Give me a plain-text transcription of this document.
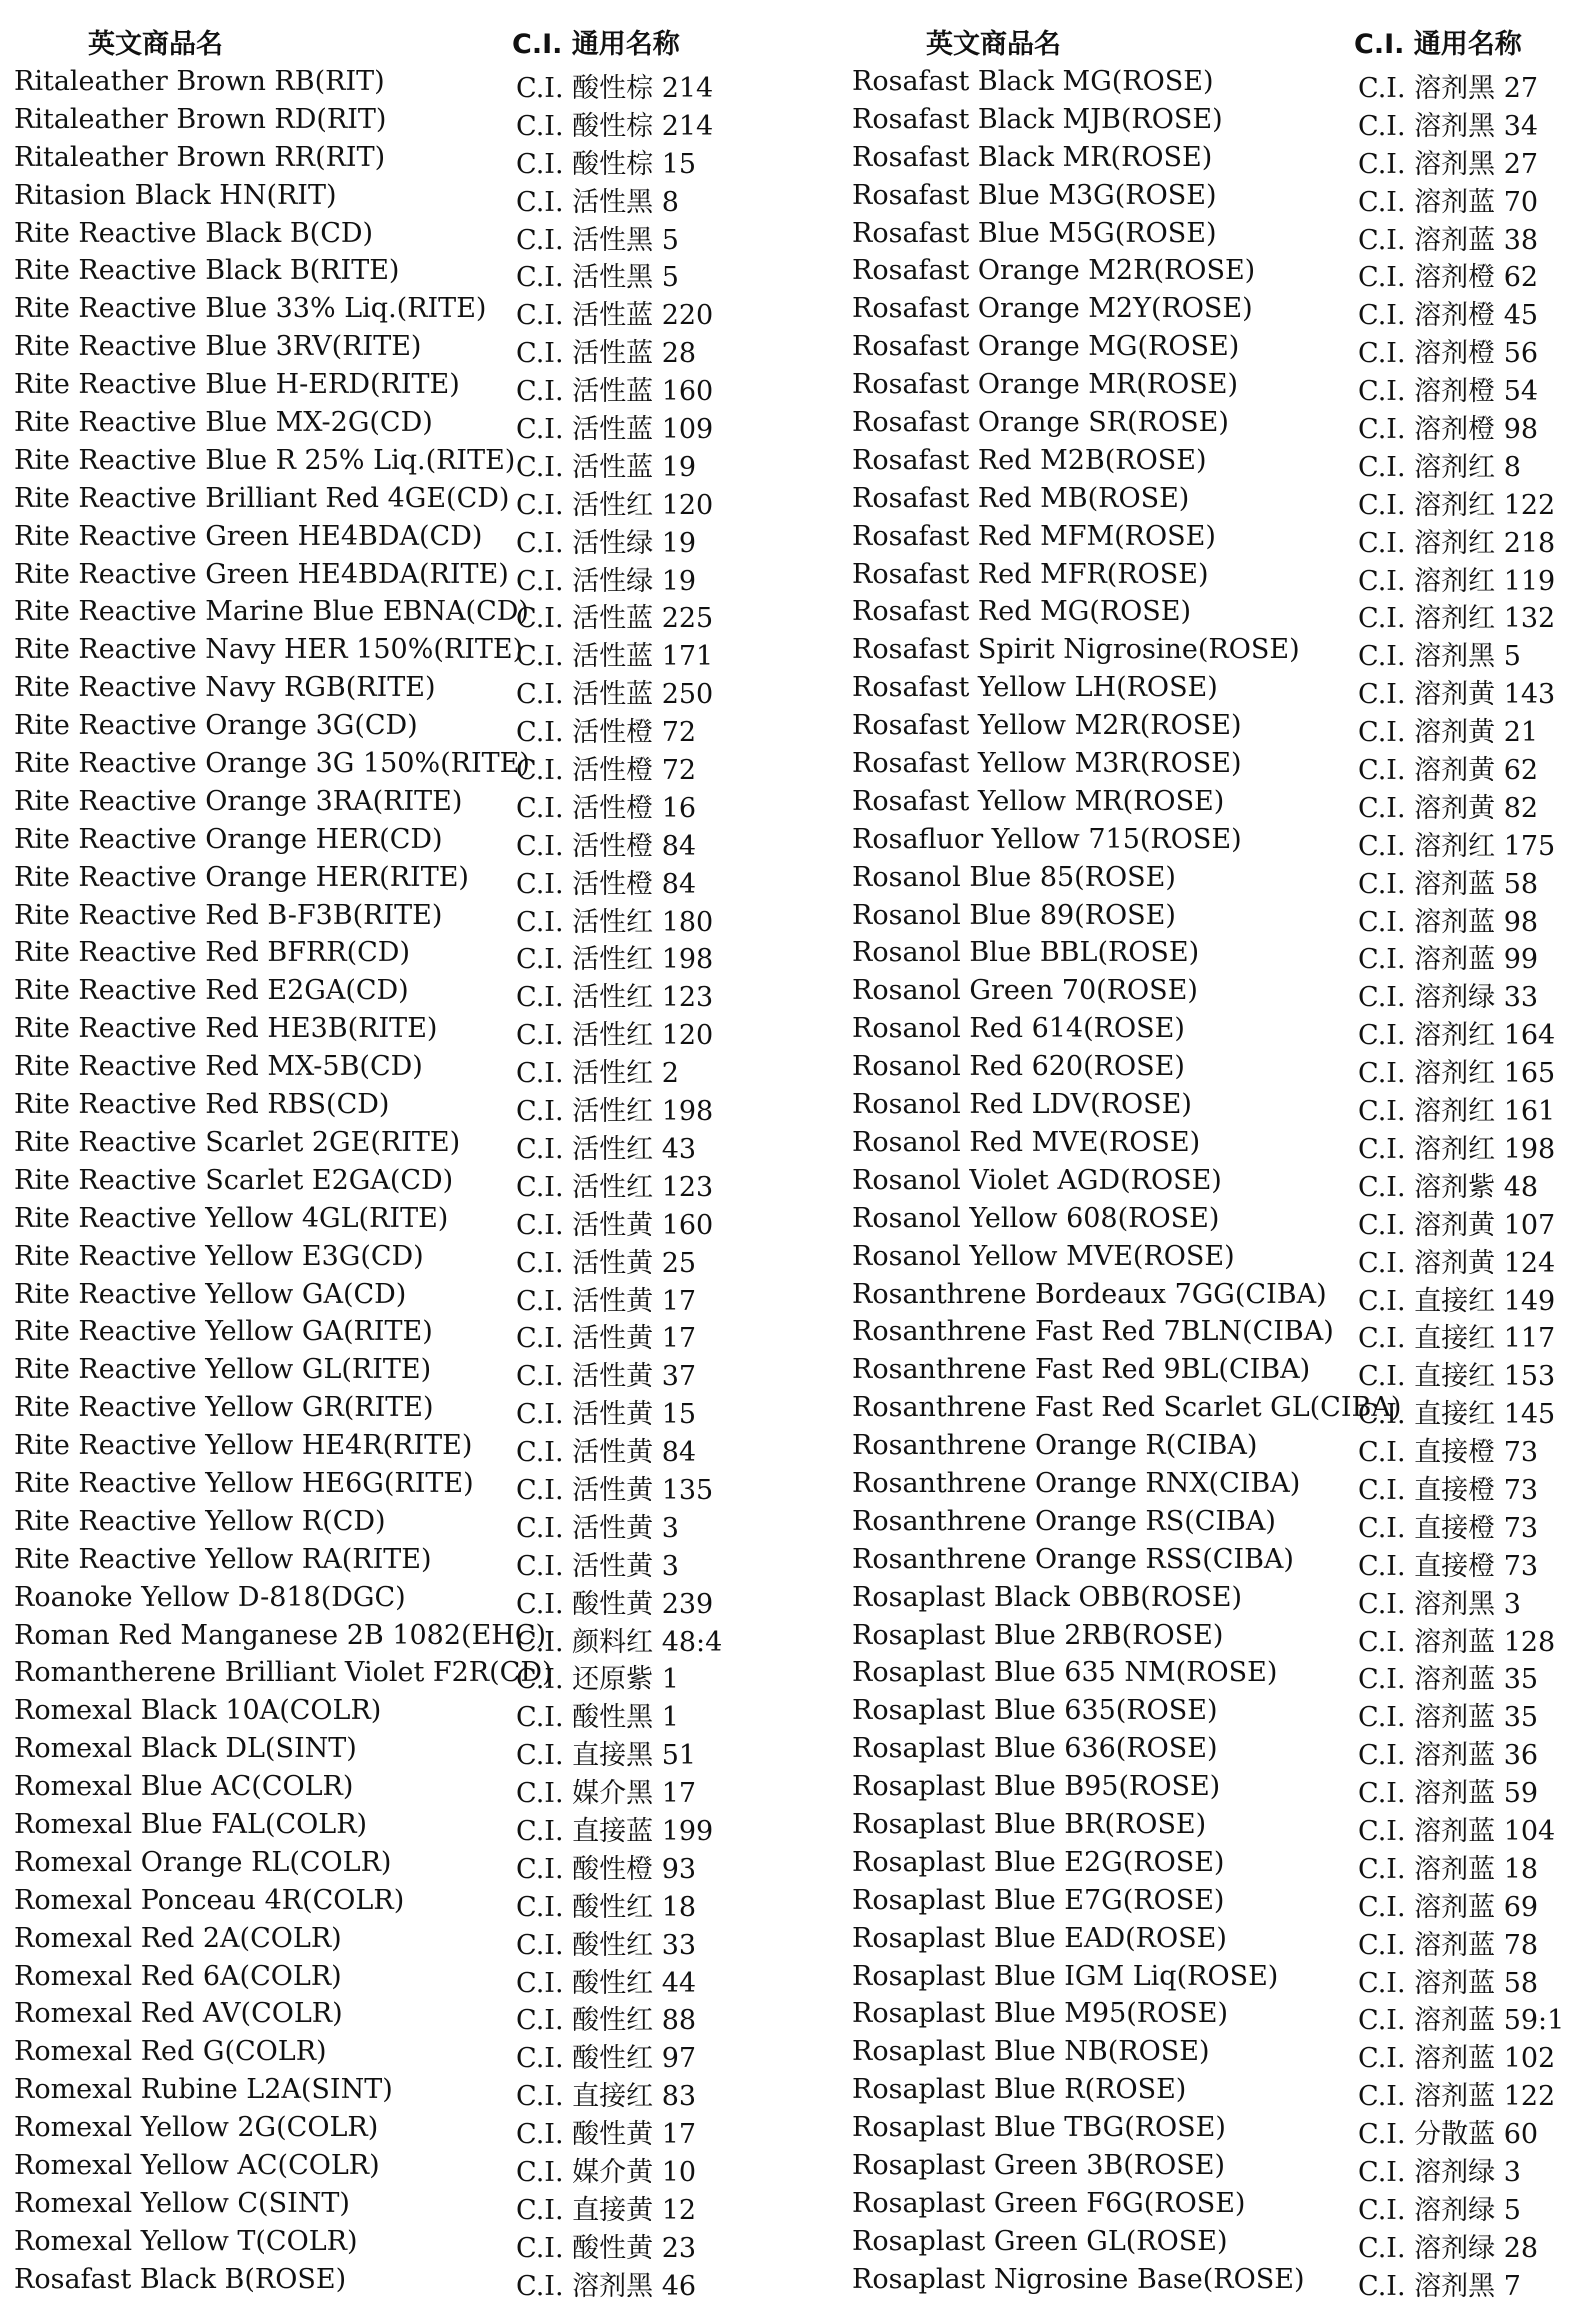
英文商品名	C.I. 通用名称
Ritaleather Brown RB(RIT)	C.I. 酸性棕 214
Ritaleather Brown RD(RIT)	C.I. 酸性棕 214
Ritaleather Brown RR(RIT)	C.I. 酸性棕 15
Ritasion Black HN(RIT)	C.I. 活性黑 8
Rite Reactive Black B(CD)	C.I. 活性黑 5
Rite Reactive Black B(RITE)	C.I. 活性黑 5
Rite Reactive Blue 33% Liq.(RITE) C.I. 活性蓝 220
Rite Reactive Blue 3RV(RITE)	C.I. 活性蓝 28
Rite Reactive Blue H-ERD(RITE) C.I. 活性蓝 160
Rite Reactive Blue MX-2G(CD)	C.I. 活性蓝 109
Rite Reactive Blue R 25% Liq.(RITE) C.I. 活性蓝 19
Rite Reactive Brilliant Red 4GE(CD) C.I. 活性红 120
Rite Reactive Green HE4BDA(CD) C.I. 活性绿 19
Rite Reactive Green HE4BDA(RITE) C.I. 活性绿 19
Rite Reactive Marine Blue EBNA(CD)
C.I. 活性蓝 225
Rite Reactive Navy HER 150%(RITE)
C.I. 活性蓝 171
Rite Reactive Navy RGB(RITE)	C.I. 活性蓝 250
Rite Reactive Orange 3G(CD)	C.I. 活性橙 72
Rite Reactive Orange 3G 150%(RITE)
C.I. 活性橙 72
Rite Reactive Orange 3RA(RITE) C.I. 活性橙 16
Rite Reactive Orange HER(CD)	C.I. 活性橙 84
Rite Reactive Orange HER(RITE) C.I. 活性橙 84
Rite Reactive Red B-F3B(RITE)	C.I. 活性红 180
Rite Reactive Red BFRR(CD)	C.I. 活性红 198
Rite Reactive Red E2GA(CD)	C.I. 活性红 123
Rite Reactive Red HE3B(RITE)	C.I. 活性红 120
Rite Reactive Red MX-5B(CD)	C.I. 活性红 2
Rite Reactive Red RBS(CD)	C.I. 活性红 198
Rite Reactive Scarlet 2GE(RITE) C.I. 活性红 43
Rite Reactive Scarlet E2GA(CD) C.I. 活性红 123
Rite Reactive Yellow 4GL(RITE)	C.I. 活性黄 160
Rite Reactive Yellow E3G(CD)	C.I. 活性黄 25
Rite Reactive Yellow GA(CD)	C.I. 活性黄 17
Rite Reactive Yellow GA(RITE)	C.I. 活性黄 17
Rite Reactive Yellow GL(RITE)	C.I. 活性黄 37
Rite Reactive Yellow GR(RITE)	C.I. 活性黄 15
Rite Reactive Yellow HE4R(RITE) C.I. 活性黄 84
Rite Reactive Yellow HE6G(RITE) C.I. 活性黄 135
Rite Reactive Yellow R(CD)	C.I. 活性黄 3
Rite Reactive Yellow RA(RITE)	C.I. 活性黄 3
Roanoke Yellow D-818(DGC)	C.I. 酸性黄 239
Roman Red Manganese 2B 1082(EHC)
C.I. 颜料红 48:4
Romantherene Brilliant Violet F2R(CD)
C.I. 还原紫 1
Romexal Black 10A(COLR)	C.I. 酸性黑 1
Romexal Black DL(SINT)	C.I. 直接黑 51
Romexal Blue AC(COLR)	C.I. 媒介黑 17
Romexal Blue FAL(COLR)	C.I. 直接蓝 199
Romexal Orange RL(COLR)	C.I. 酸性橙 93
Romexal Ponceau 4R(COLR)	C.I. 酸性红 18
Romexal Red 2A(COLR)	C.I. 酸性红 33
Romexal Red 6A(COLR)	C.I. 酸性红 44
Romexal Red AV(COLR)	C.I. 酸性红 88
Romexal Red G(COLR)	C.I. 酸性红 97
Romexal Rubine L2A(SINT)	C.I. 直接红 83
Romexal Yellow 2G(COLR)	C.I. 酸性黄 17
Romexal Yellow AC(COLR)	C.I. 媒介黄 10
Romexal Yellow C(SINT)	C.I. 直接黄 12
Romexal Yellow T(COLR)	C.I. 酸性黄 23
Rosafast Black B(ROSE)	C.I. 溶剂黑 46
英文商品名	C.I. 通用名称
Rosafast Black MG(ROSE)	C.I. 溶剂黑 27
Rosafast Black MJB(ROSE)	C.I. 溶剂黑 34
Rosafast Black MR(ROSE)	C.I. 溶剂黑 27
Rosafast Blue M3G(ROSE)	C.I. 溶剂蓝 70
Rosafast Blue M5G(ROSE)	C.I. 溶剂蓝 38
Rosafast Orange M2R(ROSE)	C.I. 溶剂橙 62
Rosafast Orange M2Y(ROSE)	C.I. 溶剂橙 45
Rosafast Orange MG(ROSE)	C.I. 溶剂橙 56
Rosafast Orange MR(ROSE)	C.I. 溶剂橙 54
Rosafast Orange SR(ROSE)	C.I. 溶剂橙 98
Rosafast Red M2B(ROSE)	C.I. 溶剂红 8
Rosafast Red MB(ROSE)	C.I. 溶剂红 122
Rosafast Red MFM(ROSE)	C.I. 溶剂红 218
Rosafast Red MFR(ROSE)	C.I. 溶剂红 119
Rosafast Red MG(ROSE)	C.I. 溶剂红 132
Rosafast Spirit Nigrosine(ROSE) C.I. 溶剂黑 5
Rosafast Yellow LH(ROSE)	C.I. 溶剂黄 143
Rosafast Yellow M2R(ROSE)	C.I. 溶剂黄 21
Rosafast Yellow M3R(ROSE)	C.I. 溶剂黄 62
Rosafast Yellow MR(ROSE)	C.I. 溶剂黄 82
Rosafluor Yellow 715(ROSE)	C.I. 溶剂红 175
Rosanol Blue 85(ROSE)	C.I. 溶剂蓝 58
Rosanol Blue 89(ROSE)	C.I. 溶剂蓝 98
Rosanol Blue BBL(ROSE)	C.I. 溶剂蓝 99
Rosanol Green 70(ROSE)	C.I. 溶剂绿 33
Rosanol Red 614(ROSE)	C.I. 溶剂红 164
Rosanol Red 620(ROSE)	C.I. 溶剂红 165
Rosanol Red LDV(ROSE)	C.I. 溶剂红 161
Rosanol Red MVE(ROSE)	C.I. 溶剂红 198
Rosanol Violet AGD(ROSE)	C.I. 溶剂紫 48
Rosanol Yellow 608(ROSE)	C.I. 溶剂黄 107
Rosanol Yellow MVE(ROSE)	C.I. 溶剂黄 124
Rosanthrene Bordeaux 7GG(CIBA) C.I. 直接红 149
Rosanthrene Fast Red 7BLN(CIBA) C.I. 直接红 117
Rosanthrene Fast Red 9BL(CIBA) C.I. 直接红 153
Rosanthrene Fast Red Scarlet GL(CIBA)
C.I. 直接红 145
Rosanthrene Orange R(CIBA)	C.I. 直接橙 73
Rosanthrene Orange RNX(CIBA) C.I. 直接橙 73
Rosanthrene Orange RS(CIBA)	C.I. 直接橙 73
Rosanthrene Orange RSS(CIBA) C.I. 直接橙 73
Rosaplast Black OBB(ROSE)	C.I. 溶剂黑 3
Rosaplast Blue 2RB(ROSE)	C.I. 溶剂蓝 128
Rosaplast Blue 635 NM(ROSE)	C.I. 溶剂蓝 35
Rosaplast Blue 635(ROSE)	C.I. 溶剂蓝 35
Rosaplast Blue 636(ROSE)	C.I. 溶剂蓝 36
Rosaplast Blue B95(ROSE)	C.I. 溶剂蓝 59
Rosaplast Blue BR(ROSE)	C.I. 溶剂蓝 104
Rosaplast Blue E2G(ROSE)	C.I. 溶剂蓝 18
Rosaplast Blue E7G(ROSE)	C.I. 溶剂蓝 69
Rosaplast Blue EAD(ROSE)	C.I. 溶剂蓝 78
Rosaplast Blue IGM Liq(ROSE)	C.I. 溶剂蓝 58
Rosaplast Blue M95(ROSE)	C.I. 溶剂蓝 59:1
Rosaplast Blue NB(ROSE)	C.I. 溶剂蓝 102
Rosaplast Blue R(ROSE)	C.I. 溶剂蓝 122
Rosaplast Blue TBG(ROSE)	C.I. 分散蓝 60
Rosaplast Green 3B(ROSE)	C.I. 溶剂绿 3
Rosaplast Green F6G(ROSE)	C.I. 溶剂绿 5
Rosaplast Green GL(ROSE)	C.I. 溶剂绿 28
Rosaplast Nigrosine Base(ROSE) C.I. 溶剂黑 7
